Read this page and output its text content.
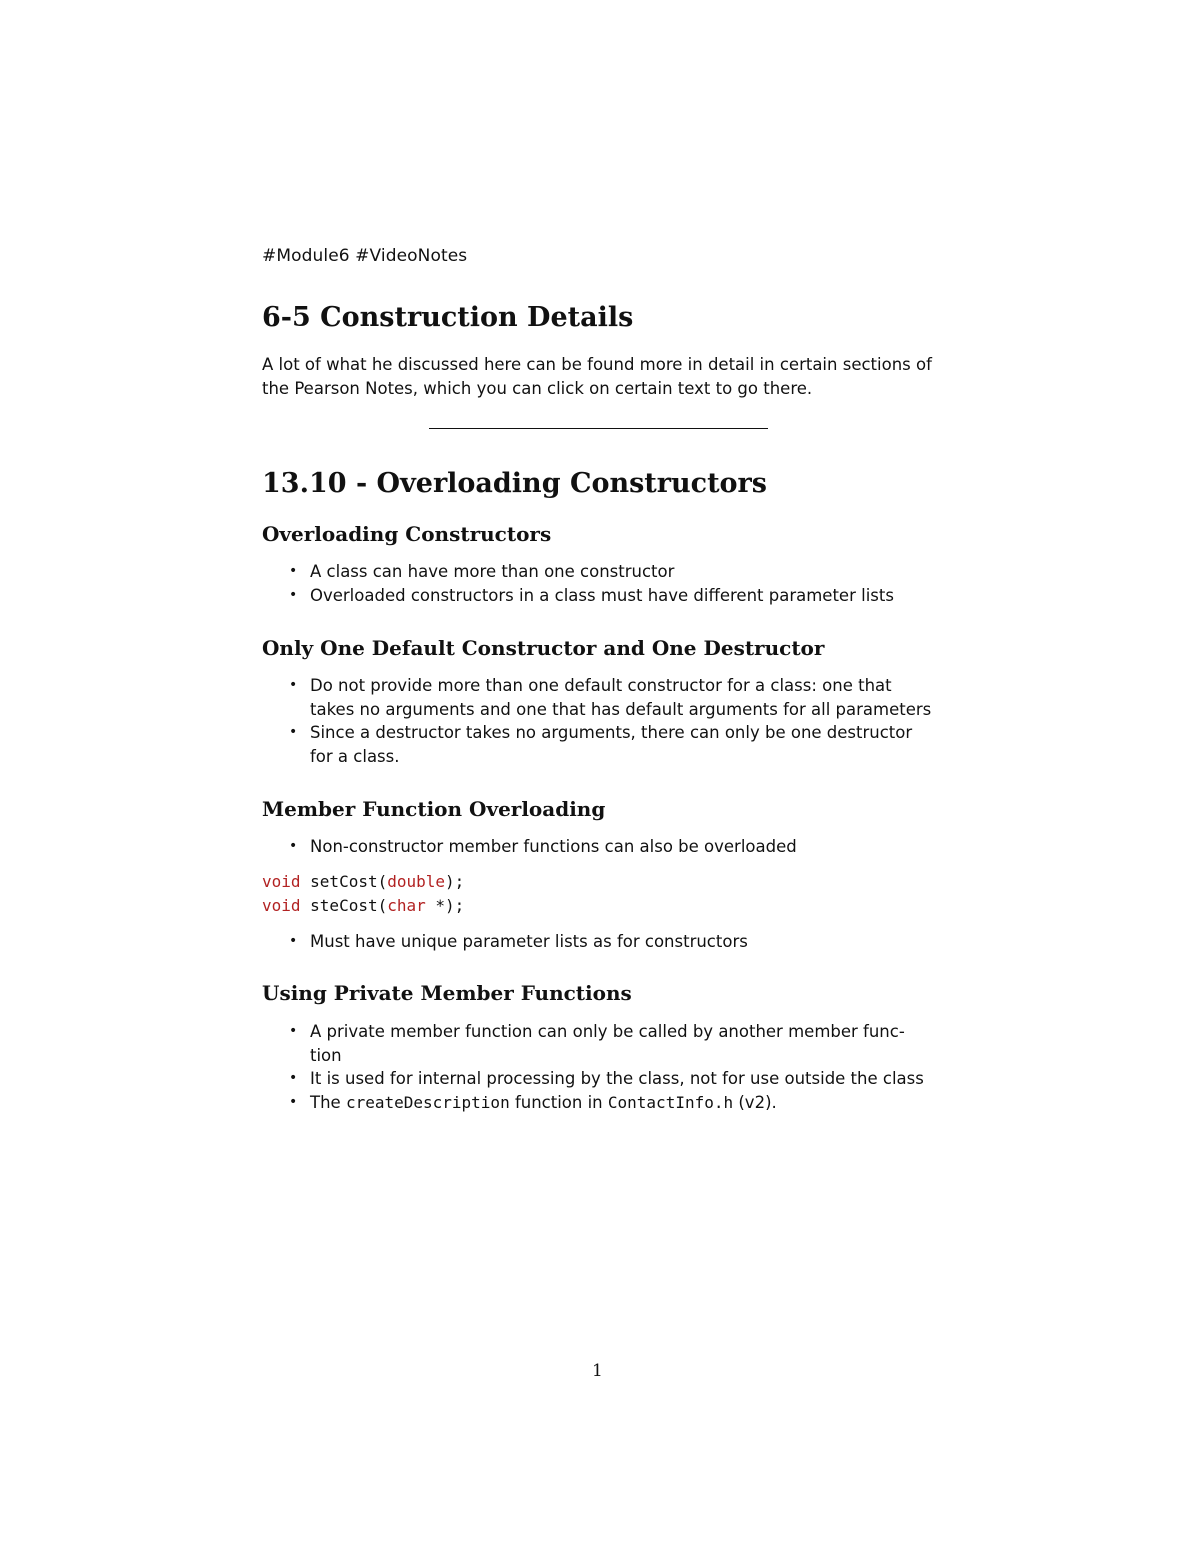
#Module6 #VideoNotes
6-5 Construction Details

A lot of what he discussed here can be found more in detail in certain sections of the Pearson Notes, which you can click on certain text to go there.

13.10 - Overloading Constructors
Overloading Constructors
• A class can have more than one constructor
• Overloaded constructors in a class must have different parameter lists
Only One Default Constructor and One Destructor
• Do not provide more than one default constructor for a class: one that takes no arguments and one that has default arguments for all parameters
• Since a destructor takes no arguments, there can only be one destructor for a class.
Member Function Overloading
• Non-constructor member functions can also be overloaded
void setCost(double);
void steCost(char *);
• Must have unique parameter lists as for constructors
Using Private Member Functions
• A private member function can only be called by another member func- tion
• It is used for internal processing by the class, not for use outside the class
• The createDescription function in ContactInfo.h (v2).
1
